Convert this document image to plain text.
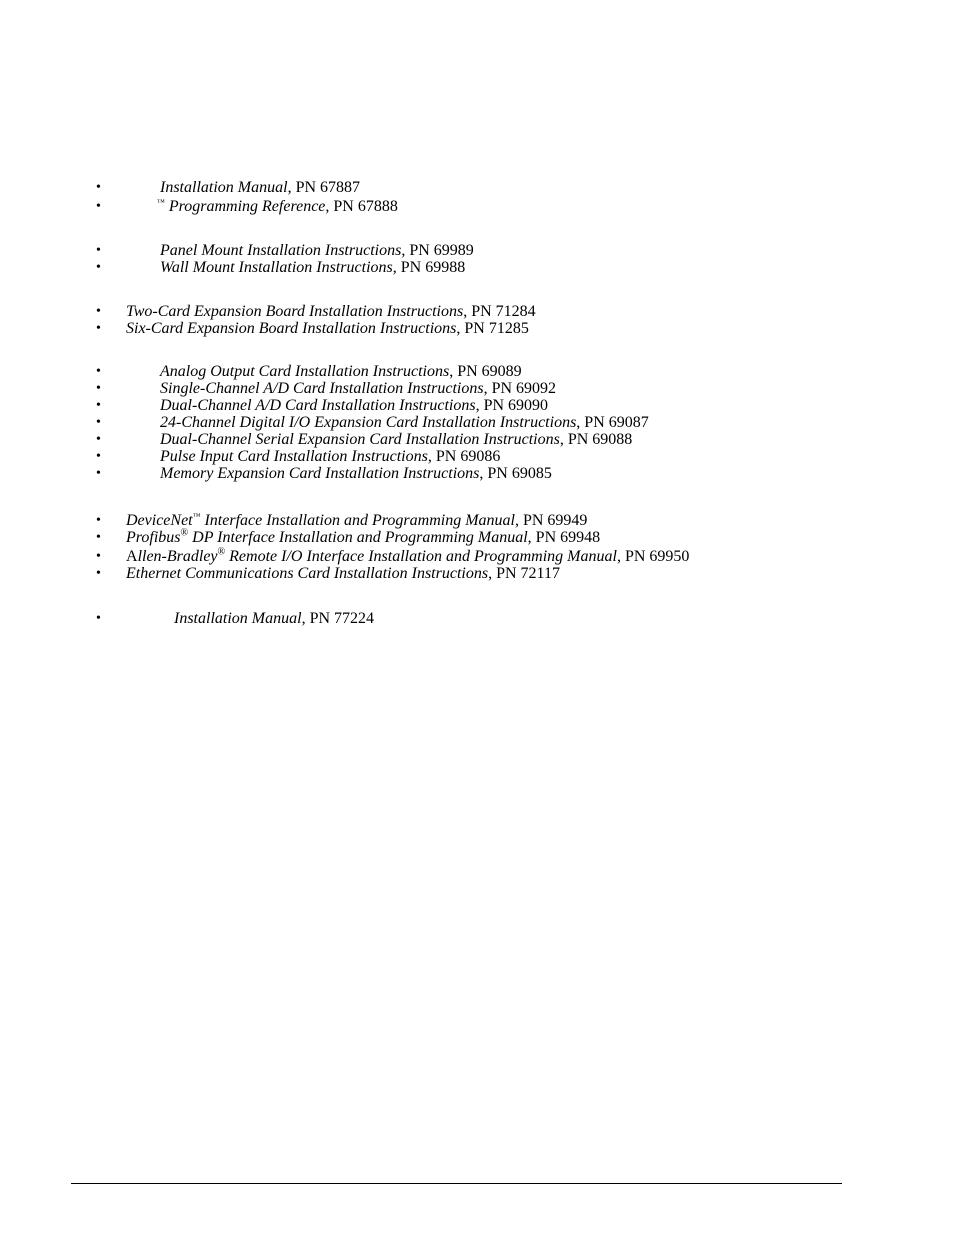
•	Installation Manual, PN 67887
•	™ Programming Reference, PN 67888
•	Panel Mount Installation Instructions, PN 69989
•	Wall Mount Installation Instructions, PN 69988
• Two-Card Expansion Board Installation Instructions, PN 71284
• Six-Card Expansion Board Installation Instructions, PN 71285
•	Analog Output Card Installation Instructions, PN 69089
•	Single-Channel A/D Card Installation Instructions, PN 69092
•	Dual-Channel A/D Card Installation Instructions, PN 69090
•	24-Channel Digital I/O Expansion Card Installation Instructions, PN 69087
•	Dual-Channel Serial Expansion Card Installation Instructions, PN 69088
•	Pulse Input Card Installation Instructions, PN 69086
•	Memory Expansion Card Installation Instructions, PN 69085
• DeviceNet™ Interface Installation and Programming Manual, PN 69949
• Profibus® DP Interface Installation and Programming Manual, PN 69948
• Allen-Bradley® Remote I/O Interface Installation and Programming Manual, PN 69950
• Ethernet Communications Card Installation Instructions, PN 72117
•	Installation Manual, PN 77224
